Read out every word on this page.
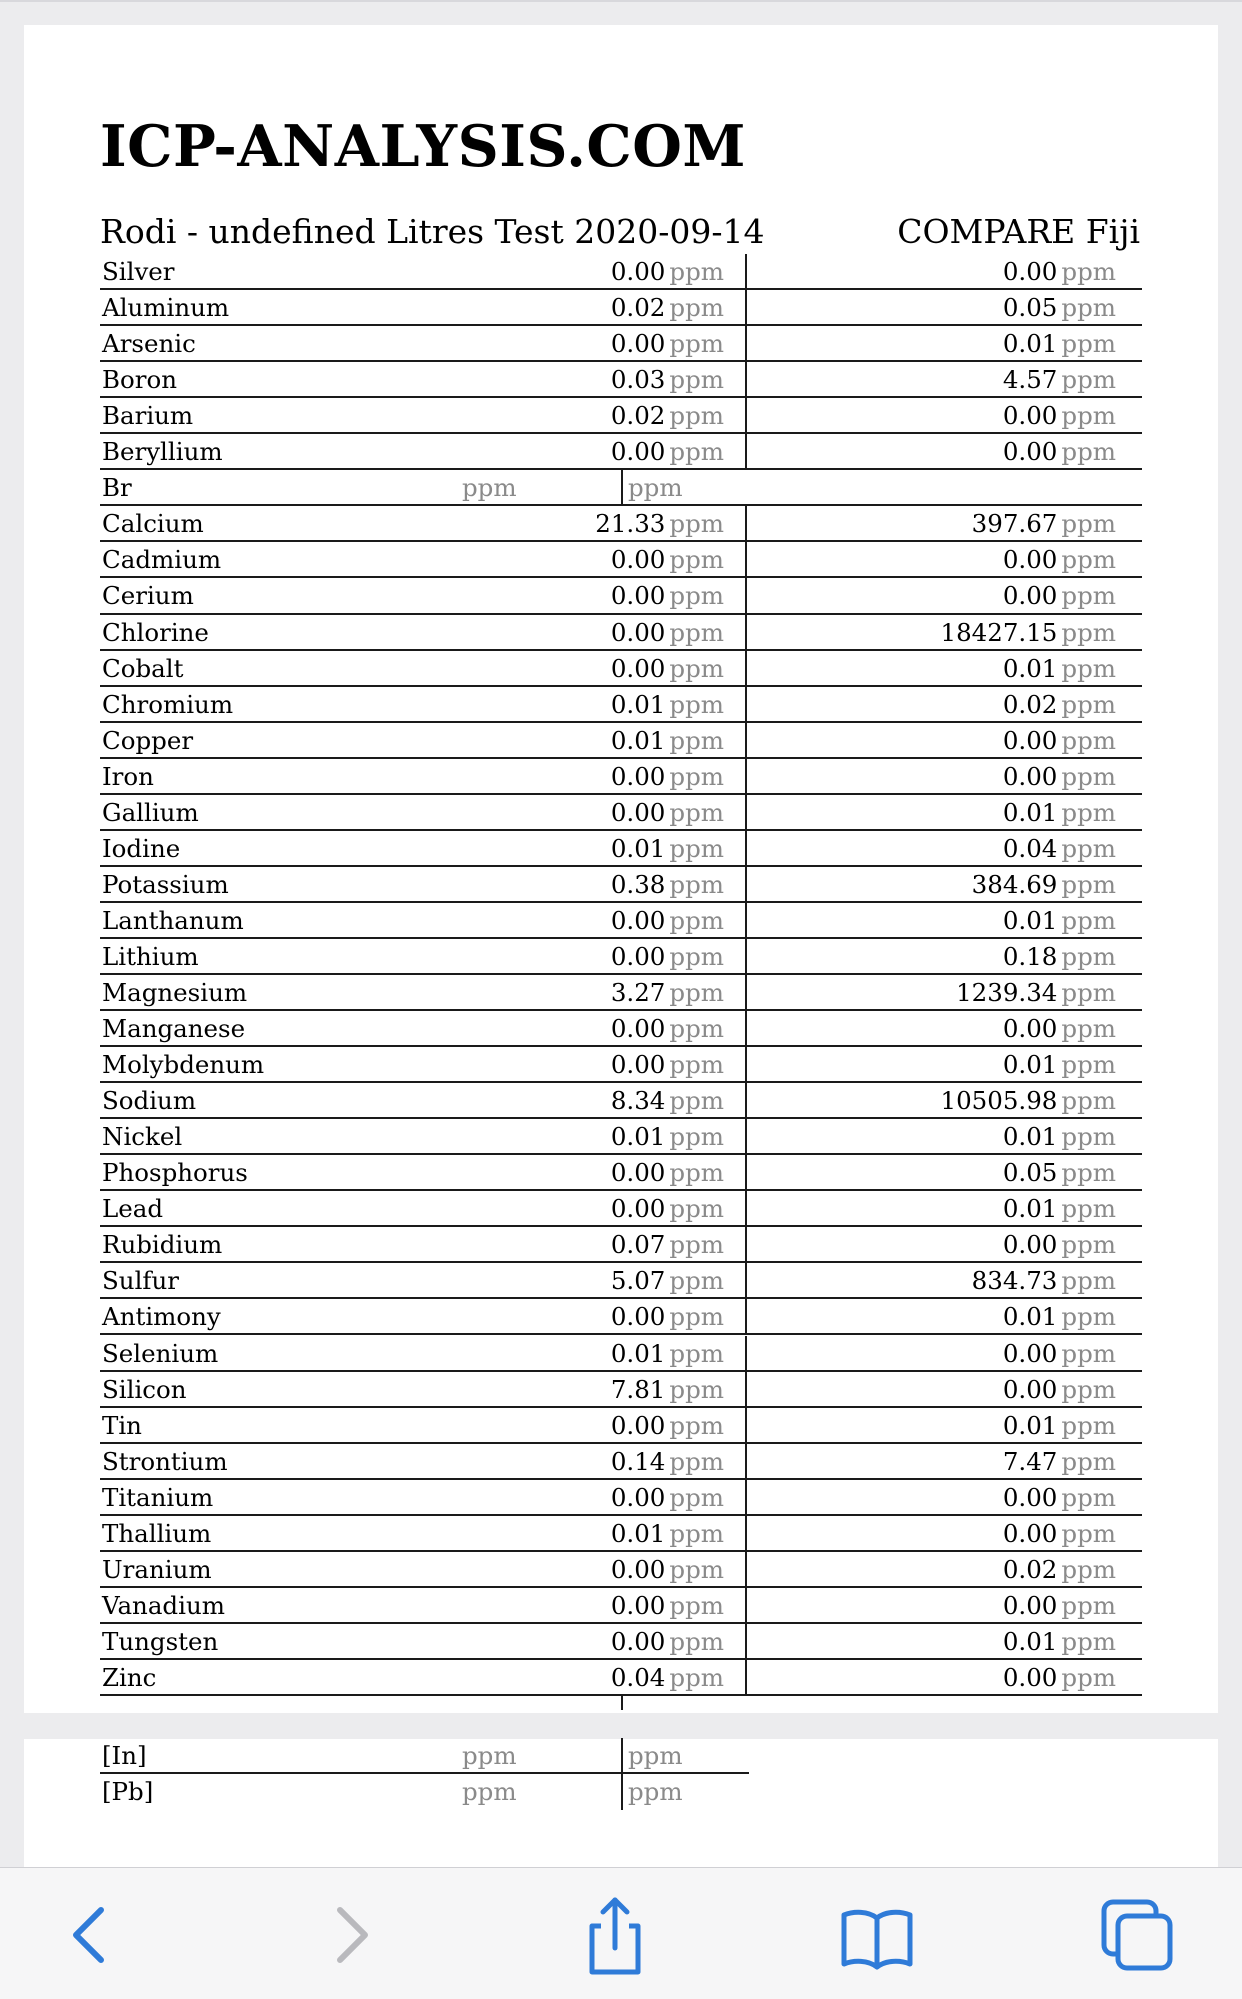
ICP-ANALYSIS.COM
Rodi - undefined Litres Test 2020-09-14	COMPARE Fiji
Silver	0.00 ppm	0.00 ppm
Aluminum	0.02 ppm	0.05 ppm
Arsenic	0.00 ppm	0.01 ppm
Boron	0.03 ppm	4.57 ppm
Barium	0.02 ppm	0.00 ppm
Beryllium	0.00 ppm	0.00 ppm
Br	ppm	ppm
Calcium	21.33 ppm	397.67 ppm
Cadmium	0.00 ppm	0.00 ppm
Cerium	0.00 ppm	0.00 ppm
Chlorine	0.00 ppm	18427.15 ppm
Cobalt	0.00 ppm	0.01 ppm
Chromium	0.01 ppm	0.02 ppm
Copper	0.01 ppm	0.00 ppm
Iron	0.00 ppm	0.00 ppm
Gallium	0.00 ppm	0.01 ppm
Iodine	0.01 ppm	0.04 ppm
Potassium	0.38 ppm	384.69 ppm
Lanthanum	0.00 ppm	0.01 ppm
Lithium	0.00 ppm	0.18 ppm
Magnesium	3.27 ppm	1239.34 ppm
Manganese	0.00 ppm	0.00 ppm
Molybdenum	0.00 ppm	0.01 ppm
Sodium	8.34 ppm	10505.98 ppm
Nickel	0.01 ppm	0.01 ppm
Phosphorus	0.00 ppm	0.05 ppm
Lead	0.00 ppm	0.01 ppm
Rubidium	0.07 ppm	0.00 ppm
Sulfur	5.07 ppm	834.73 ppm
Antimony	0.00 ppm	0.01 ppm
Selenium	0.01 ppm	0.00 ppm
Silicon	7.81 ppm	0.00 ppm
Tin	0.00 ppm	0.01 ppm
Strontium	0.14 ppm	7.47 ppm
Titanium	0.00 ppm	0.00 ppm
Thallium	0.01 ppm	0.00 ppm
Uranium	0.00 ppm	0.02 ppm
Vanadium	0.00 ppm	0.00 ppm
Tungsten	0.00 ppm	0.01 ppm
Zinc	0.04 ppm	0.00 ppm
[In]	ppm	ppm
[Pb]	ppm	ppm
